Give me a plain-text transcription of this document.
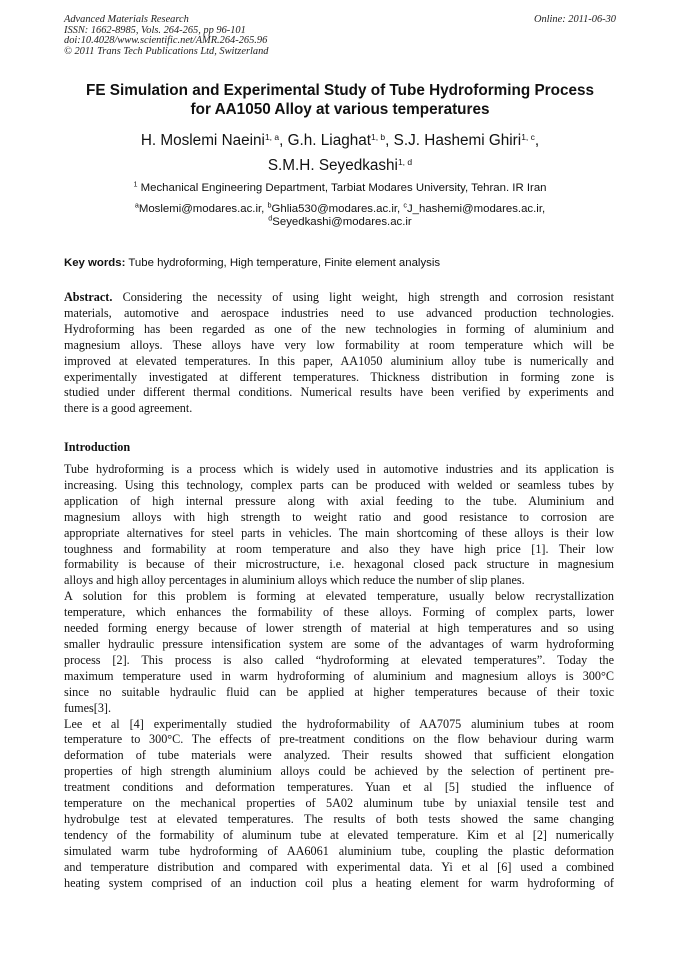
Advanced Materials Research
ISSN: 1662-8985, Vols. 264-265, pp 96-101
doi:10.4028/www.scientific.net/AMR.264-265.96
© 2011 Trans Tech Publications Ltd, Switzerland
Online: 2011-06-30
FE Simulation and Experimental Study of Tube Hydroforming Process
for AA1050 Alloy at various temperatures
H. Moslemi Naeini$^{1, a}$, G.h. Liaghat$^{1, b}$, S.J. Hashemi Ghiri$^{1, c}$,
S.M.H. Seyedkashi$^{1, d}$
$^1$ Mechanical Engineering Department, Tarbiat Modares University, Tehran. IR Iran
$^a$Moslemi@modares.ac.ir, $^b$Ghlia530@modares.ac.ir, $^c$J_hashemi@modares.ac.ir,
$^d$Seyedkashi@modares.ac.ir
Key words: Tube hydroforming, High temperature, Finite element analysis
Abstract. Considering the necessity of using light weight, high strength and corrosion resistant
materials, automotive and aerospace industries need to use advanced production technologies.
Hydroforming has been regarded as one of the new technologies in forming of aluminium and
magnesium alloys. These alloys have very low formability at room temperature which will be
improved at elevated temperatures. In this paper, AA1050 aluminium alloy tube is numerically and
experimentally investigated at different temperatures. Thickness distribution in forming zone is
studied under different thermal conditions. Numerical results have been verified by experiments and
there is a good agreement.
Introduction
Tube hydroforming is a process which is widely used in automotive industries and its application is
increasing. Using this technology, complex parts can be produced with welded or seamless tubes by
application of high internal pressure along with axial feeding to the tube. Aluminium and
magnesium alloys with high strength to weight ratio and good resistance to corrosion are
appropriate alternatives for steel parts in vehicles. The main shortcoming of these alloys is their low
toughness and formability at room temperature and also they have high price [1]. Their low
formability is because of their microstructure, i.e. hexagonal closed pack structure in magnesium
alloys and high alloy percentages in aluminium alloys which reduce the number of slip planes.
A solution for this problem is forming at elevated temperature, usually below recrystallization
temperature, which enhances the formability of these alloys. Forming of complex parts, lower
needed forming energy because of lower strength of material at high temperatures and so using
smaller hydraulic pressure intensification system are some of the advantages of warm hydroforming
process [2]. This process is also called “hydroforming at elevated temperatures”. Today the
maximum temperature used in warm hydroforming of aluminium and magnesium alloys is 300°C
since no suitable hydraulic fluid can be applied at higher temperatures because of their toxic
fumes[3].
Lee et al [4] experimentally studied the hydroformability of AA7075 aluminium tubes at room
temperature to 300°C. The effects of pre-treatment conditions on the flow behaviour during warm
deformation of tube materials were analyzed. Their results showed that sufficient elongation
properties of high strength aluminium alloys could be achieved by the selection of pertinent pre-
treatment conditions and deformation temperatures. Yuan et al [5] studied the influence of
temperature on the mechanical properties of 5A02 aluminum tube by uniaxial tensile test and
hydrobulge test at elevated temperatures. The results of both tests showed the same changing
tendency of the formability of aluminum tube at elevated temperature. Kim et al [2] numerically
simulated warm tube hydroforming of AA6061 aluminium tube, coupling the plastic deformation
and temperature distribution and compared with experimental data. Yi et al [6] used a combined
heating system comprised of an induction coil plus a heating element for warm hydroforming of
